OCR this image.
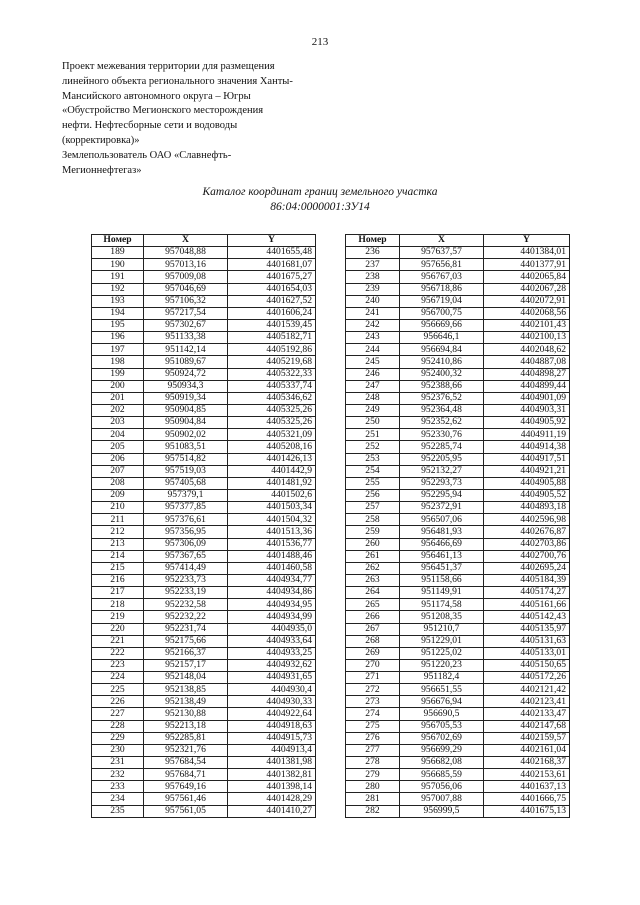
213
Проект межевания территории для размещения
линейного объекта регионального значения Ханты-
Мансийского автономного округа – Югры
«Обустройство Мегионского месторождения
нефти. Нефтесборные сети и водоводы
(корректировка)»
Землепользователь ОАО «Славнефть-
Мегионнефтегаз»
Каталог координат границ земельного участка
86:04:0000001:ЗУ14
Номер	X	Y
189	957048,88	4401655,48
190	957013,16	4401681,07
191	957009,08	4401675,27
192	957046,69	4401654,03
193	957106,32	4401627,52
194	957217,54	4401606,24
195	957302,67	4401539,45
196	951133,38	4405182,71
197	951142,14	4405192,86
198	951089,67	4405219,68
199	950924,72	4405322,33
200	950934,3	4405337,74
201	950919,34	4405346,62
202	950904,85	4405325,26
203	950904,84	4405325,26
204	950902,02	4405321,09
205	951083,51	4405208,16
206	957514,82	4401426,13
207	957519,03	4401442,9
208	957405,68	4401481,92
209	957379,1	4401502,6
210	957377,85	4401503,34
211	957376,61	4401504,32
212	957356,95	4401513,36
213	957306,09	4401536,77
214	957367,65	4401488,46
215	957414,49	4401460,58
216	952233,73	4404934,77
217	952233,19	4404934,86
218	952232,58	4404934,95
219	952232,22	4404934,99
220	952231,74	4404935,0
221	952175,66	4404933,64
222	952166,37	4404933,25
223	952157,17	4404932,62
224	952148,04	4404931,65
225	952138,85	4404930,4
226	952138,49	4404930,33
227	952130,88	4404922,64
228	952213,18	4404918,63
229	952285,81	4404915,73
230	952321,76	4404913,4
231	957684,54	4401381,98
232	957684,71	4401382,81
233	957649,16	4401398,14
234	957561,46	4401428,29
235	957561,05	4401410,27
Номер	X	Y
236	957637,57	4401384,01
237	957656,81	4401377,91
238	956767,03	4402065,84
239	956718,86	4402067,28
240	956719,04	4402072,91
241	956700,75	4402068,56
242	956669,66	4402101,43
243	956646,1	4402100,13
244	956694,84	4402048,62
245	952410,86	4404887,08
246	952400,32	4404898,27
247	952388,66	4404899,44
248	952376,52	4404901,09
249	952364,48	4404903,31
250	952352,62	4404905,92
251	952330,76	4404911,19
252	952285,74	4404914,38
253	952205,95	4404917,51
254	952132,27	4404921,21
255	952293,73	4404905,88
256	952295,94	4404905,52
257	952372,91	4404893,18
258	956507,06	4402596,98
259	956481,93	4402676,87
260	956466,69	4402703,86
261	956461,13	4402700,76
262	956451,37	4402695,24
263	951158,66	4405184,39
264	951149,91	4405174,27
265	951174,58	4405161,66
266	951208,35	4405142,43
267	951210,7	4405135,97
268	951229,01	4405131,63
269	951225,02	4405133,01
270	951220,23	4405150,65
271	951182,4	4405172,26
272	956651,55	4402121,42
273	956676,94	4402123,41
274	956690,5	4402133,47
275	956705,53	4402147,68
276	956702,69	4402159,57
277	956699,29	4402161,04
278	956682,08	4402168,37
279	956685,59	4402153,61
280	957056,06	4401637,13
281	957007,88	4401666,75
282	956999,5	4401675,13
